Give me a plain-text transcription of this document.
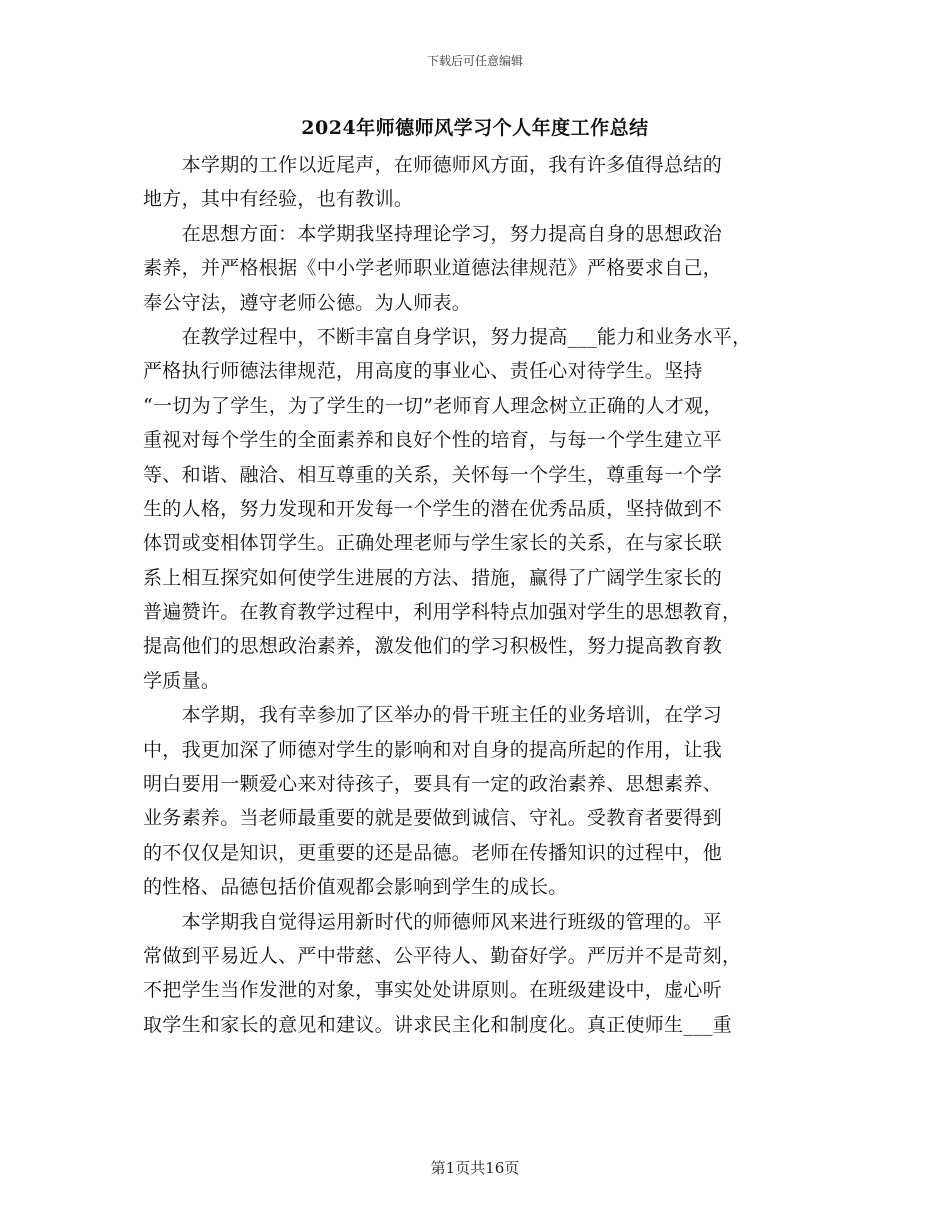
下载后可任意编辑
2024年师德师风学习个人年度工作总结
　　本学期的工作以近尾声，在师德师风方面，我有许多值得总结的
地方，其中有经验，也有教训。
　　在思想方面：本学期我坚持理论学习，努力提高自身的思想政治
素养，并严格根据《中小学老师职业道德法律规范》严格要求自己，
奉公守法，遵守老师公德。为人师表。
　　在教学过程中，不断丰富自身学识，努力提高___能力和业务水平，
严格执行师德法律规范，用高度的事业心、责任心对待学生。坚持
“一切为了学生，为了学生的一切”老师育人理念树立正确的人才观，
重视对每个学生的全面素养和良好个性的培育，与每一个学生建立平
等、和谐、融洽、相互尊重的关系，关怀每一个学生，尊重每一个学
生的人格，努力发现和开发每一个学生的潜在优秀品质，坚持做到不
体罚或变相体罚学生。正确处理老师与学生家长的关系，在与家长联
系上相互探究如何使学生进展的方法、措施，赢得了广阔学生家长的
普遍赞许。在教育教学过程中，利用学科特点加强对学生的思想教育，
提高他们的思想政治素养，激发他们的学习积极性，努力提高教育教
学质量。
　　本学期，我有幸参加了区举办的骨干班主任的业务培训，在学习
中，我更加深了师德对学生的影响和对自身的提高所起的作用，让我
明白要用一颗爱心来对待孩子，要具有一定的政治素养、思想素养、
业务素养。当老师最重要的就是要做到诚信、守礼。受教育者要得到
的不仅仅是知识，更重要的还是品德。老师在传播知识的过程中，他
的性格、品德包括价值观都会影响到学生的成长。
　　本学期我自觉得运用新时代的师德师风来进行班级的管理的。平
常做到平易近人、严中带慈、公平待人、勤奋好学。严厉并不是苛刻，
不把学生当作发泄的对象，事实处处讲原则。在班级建设中，虚心听
取学生和家长的意见和建议。讲求民主化和制度化。真正使师生___重
第1页共16页
